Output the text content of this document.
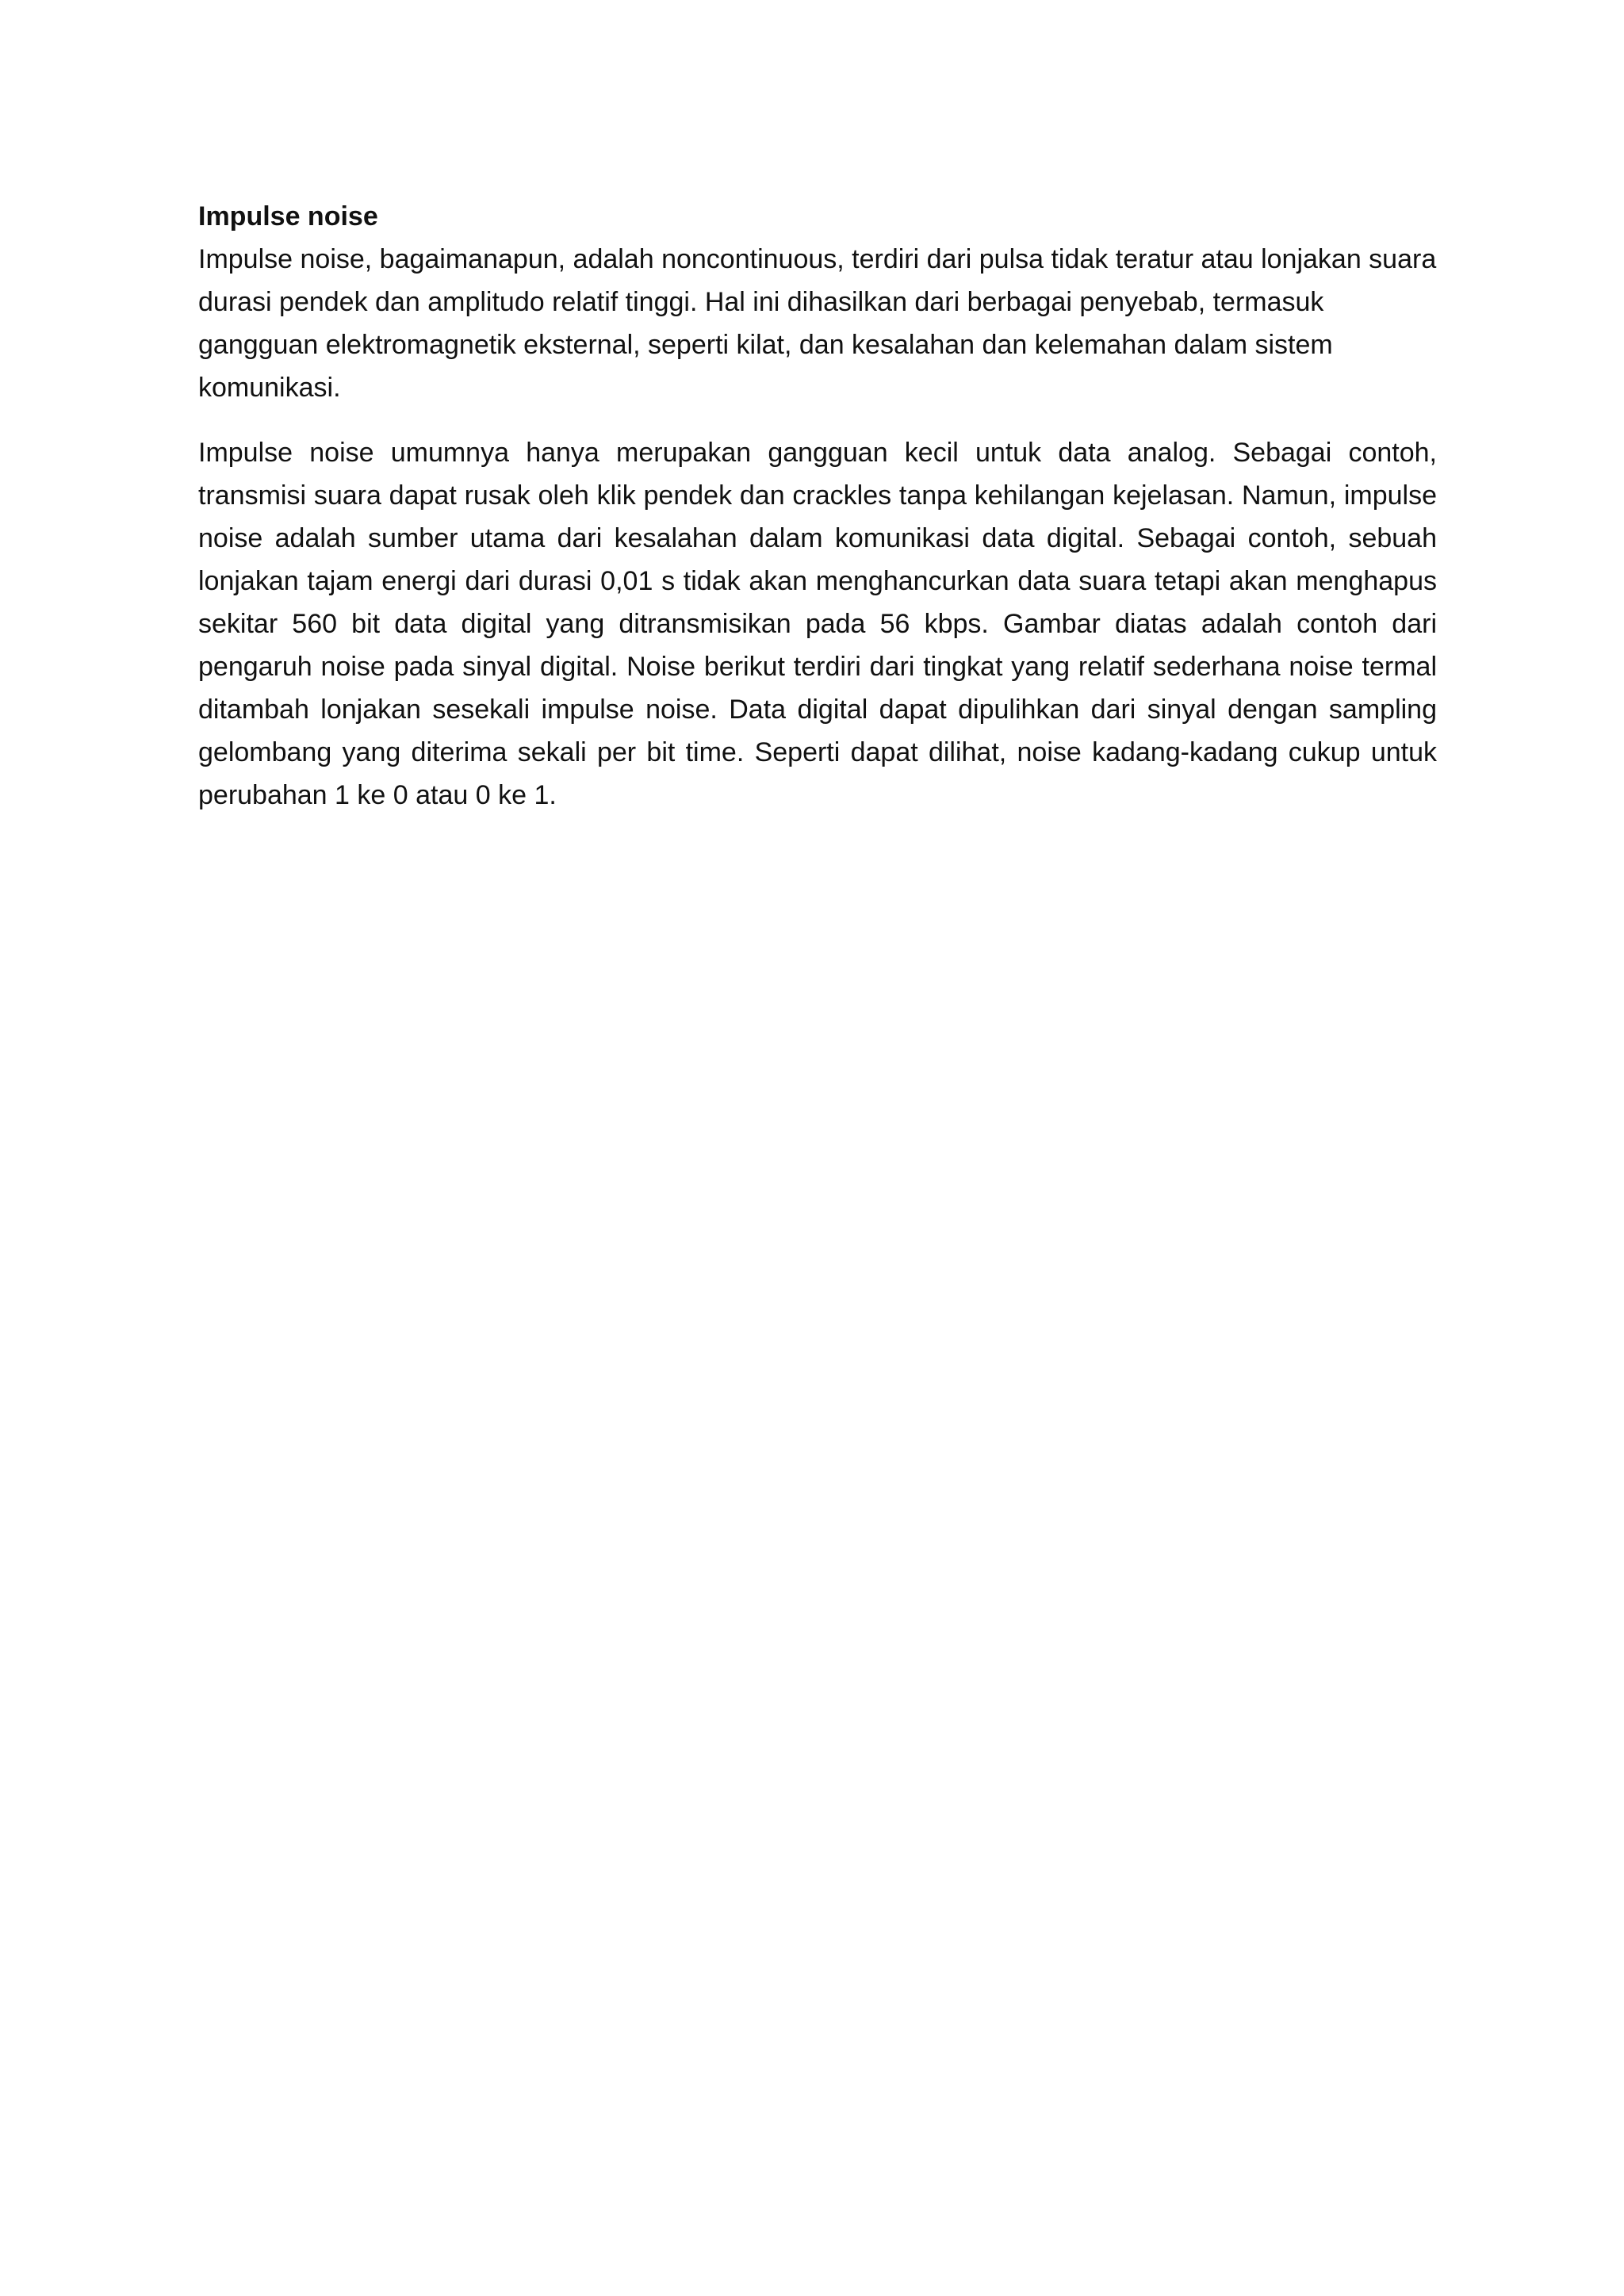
Impulse noise

Impulse noise, bagaimanapun, adalah noncontinuous, terdiri dari pulsa tidak teratur atau lonjakan suara durasi pendek dan amplitudo relatif tinggi. Hal ini dihasilkan dari berbagai penyebab, termasuk gangguan elektromagnetik eksternal, seperti kilat, dan kesalahan dan kelemahan dalam sistem komunikasi.

Impulse noise umumnya hanya merupakan gangguan kecil untuk data analog. Sebagai contoh, transmisi suara dapat rusak oleh klik pendek dan crackles tanpa kehilangan kejelasan. Namun, impulse noise adalah sumber utama dari kesalahan dalam komunikasi data digital. Sebagai contoh, sebuah lonjakan tajam energi dari durasi 0,01 s tidak akan menghancurkan data suara tetapi akan menghapus sekitar 560 bit data digital yang ditransmisikan pada 56 kbps. Gambar diatas adalah contoh dari pengaruh noise pada sinyal digital. Noise berikut terdiri dari tingkat yang relatif sederhana noise termal ditambah lonjakan sesekali impulse noise. Data digital dapat dipulihkan dari sinyal dengan sampling gelombang yang diterima sekali per bit time. Seperti dapat dilihat, noise kadang-kadang cukup untuk perubahan 1 ke 0 atau 0 ke 1.
